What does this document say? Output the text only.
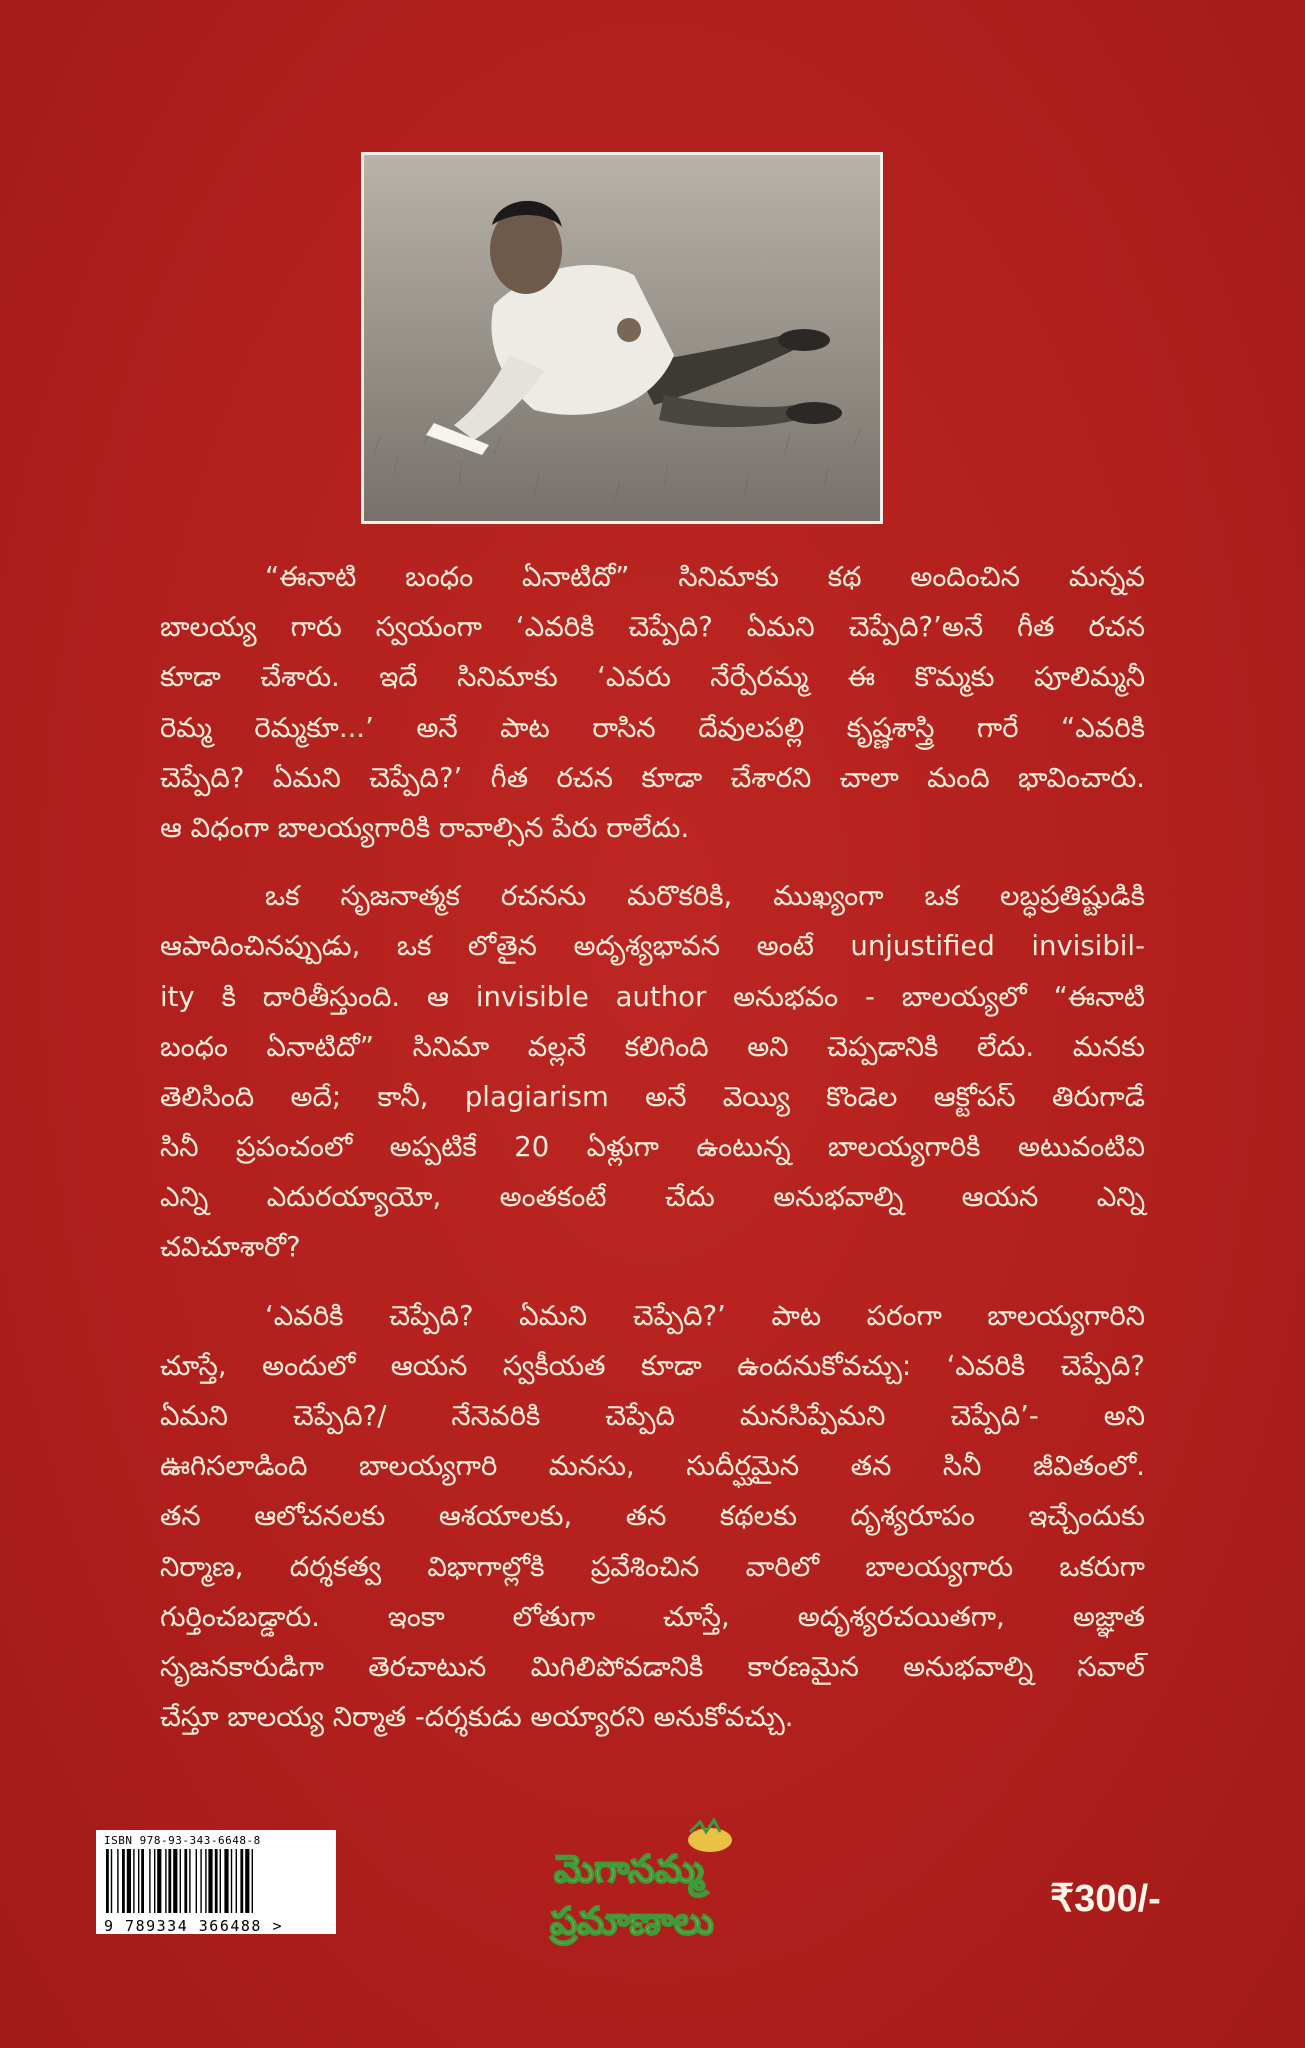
“ఈనాటి బంధం ఏనాటిదో” సినిమాకు కథ అందించిన మన్నవ
బాలయ్య గారు స్వయంగా ‘ఎవరికి చెప్పేది? ఏమని చెప్పేది?’అనే గీత రచన
కూడా చేశారు. ఇదే సినిమాకు ‘ఎవరు నేర్పేరమ్మ ఈ కొమ్మకు పూలిమ్మనీ
రెమ్మ రెమ్మకూ...’ అనే పాట రాసిన దేవులపల్లి కృష్ణశాస్త్రి గారే “ఎవరికి
చెప్పేది? ఏమని చెప్పేది?’ గీత రచన కూడా చేశారని చాలా మంది భావించారు.
ఆ విధంగా బాలయ్యగారికి రావాల్సిన పేరు రాలేదు.
ఒక సృజనాత్మక రచనను మరొకరికి, ముఖ్యంగా ఒక లబ్ధప్రతిష్టుడికి
ఆపాదించినప్పుడు, ఒక లోతైన అదృశ్యభావన అంటే unjustified invisibil-
ity కి దారితీస్తుంది. ఆ invisible author అనుభవం - బాలయ్యలో “ఈనాటి
బంధం ఏనాటిదో” సినిమా వల్లనే కలిగింది అని చెప్పడానికి లేదు. మనకు
తెలిసింది అదే; కానీ, plagiarism అనే వెయ్యి కొండెల ఆక్టోపస్ తిరుగాడే
సినీ ప్రపంచంలో అప్పటికే 20 ఏళ్లుగా ఉంటున్న బాలయ్యగారికి అటువంటివి
ఎన్ని ఎదురయ్యాయో, అంతకంటే చేదు అనుభవాల్ని ఆయన ఎన్ని
చవిచూశారో?
‘ఎవరికి చెప్పేది? ఏమని చెప్పేది?’ పాట పరంగా బాలయ్యగారిని
చూస్తే, అందులో ఆయన స్వకీయత కూడా ఉందనుకోవచ్చు: ‘ఎవరికి చెప్పేది?
ఏమని చెప్పేది?/ నేనెవరికి చెప్పేది మనసిప్పేమని చెప్పేది’- అని
ఊగిసలాడింది బాలయ్యగారి మనసు, సుదీర్ఘమైన తన సినీ జీవితంలో.
తన ఆలోచనలకు ఆశయాలకు, తన కథలకు దృశ్యరూపం ఇచ్చేందుకు
నిర్మాణ, దర్శకత్వ విభాగాల్లోకి ప్రవేశించిన వారిలో బాలయ్యగారు ఒకరుగా
గుర్తించబడ్డారు. ఇంకా లోతుగా చూస్తే, అదృశ్యరచయితగా, అజ్ఞాత
సృజనకారుడిగా తెరచాటున మిగిలిపోవడానికి కారణమైన అనుభవాల్ని సవాల్
చేస్తూ బాలయ్య నిర్మాత -దర్శకుడు అయ్యారని అనుకోవచ్చు.
ISBN 978-93-343-6648-8
9 789334 366488 >
మెగానమ్మ
ప్రమాణాలు	₹300/-
